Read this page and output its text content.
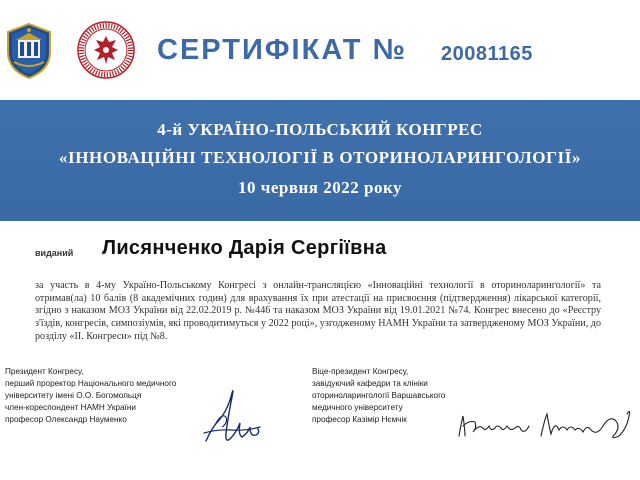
СЕРТИФІКАТ № 20081165
4-й УКРАЇНО-ПОЛЬСЬКИЙ КОНГРЕС
«ІННОВАЦІЙНІ ТЕХНОЛОГІЇ В ОТОРИНОЛАРИНГОЛОГІЇ»
10 червня 2022 року
виданий Лисянченко Дарія Сергіївна
за участь в 4-му Україно-Польському Конгресі з онлайн-трансляцією «Інноваційні технології в оториноларингології» та отримав(ла) 10 балів (8 академічних годин) для врахування їх при атестації на присвоєння (підтвердження) лікарської категорії, згідно з наказом МОЗ України від 22.02.2019 р. №446 та наказом МОЗ України від 19.01.2021 №74. Конгрес внесено до «Реєстру з'їздів, конгресів, симпозіумів, які проводитимуться у 2022 році», узгодженому НАМН України та затвердженому МОЗ України, до розділу «ІІ. Конгреси» під №8.
Президент Конгресу,
перший проректор Національного медичного
університету імені О.О. Богомольця
член-кореспондент НАМН України
професор Олександр Науменко
Віце-президент Конгресу,
завідуючий кафедри та клініки
оториноларингології Варшавського
медичного університету
професор Казімір Нємчік
